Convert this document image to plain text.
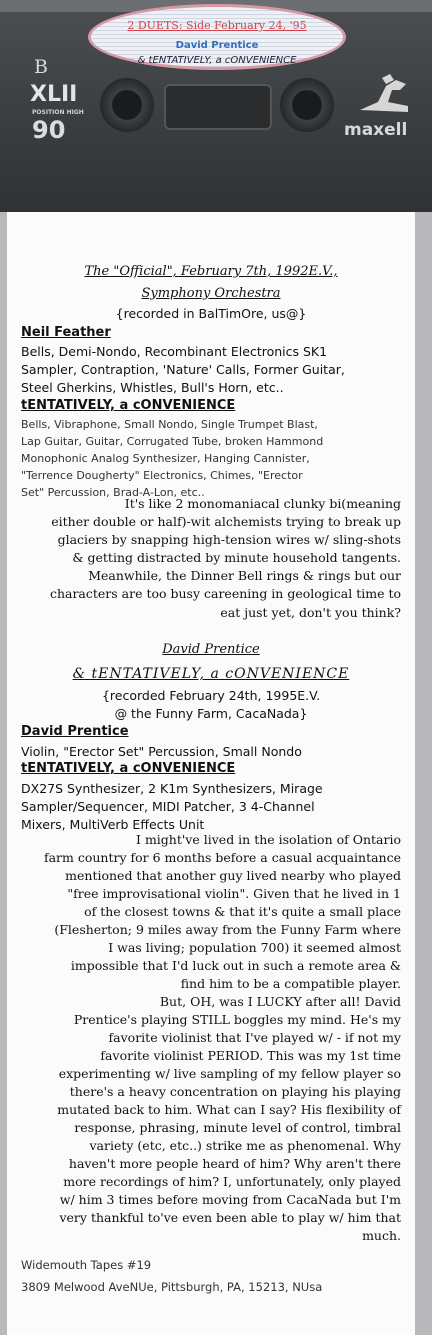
2 DUETS: Side February 24, '95
David Prentice
& tENTATIVELY, a cONVENIENCE
B
XLII
POSITION HIGH
90	maxell
The "Official", February 7th, 1992E.V.,
Symphony Orchestra
{recorded in BalTimOre, us@}
Neil Feather
Bells, Demi-Nondo, Recombinant Electronics SK1
Sampler, Contraption, 'Nature' Calls, Former Guitar,
Steel Gherkins, Whistles, Bull's Horn, etc..
tENTATIVELY, a cONVENIENCE
Bells, Vibraphone, Small Nondo, Single Trumpet Blast,
Lap Guitar, Guitar, Corrugated Tube, broken Hammond
Monophonic Analog Synthesizer, Hanging Cannister,
"Terrence Dougherty" Electronics, Chimes, "Erector
Set" Percussion, Brad-A-Lon, etc..
It's like 2 monomaniacal clunky bi(meaning
either double or half)-wit alchemists trying to break up
glaciers by snapping high-tension wires w/ sling-shots
& getting distracted by minute household tangents.
Meanwhile, the Dinner Bell rings & rings but our
characters are too busy careening in geological time to
eat just yet, don't you think?
David Prentice
& tENTATIVELY, a cONVENIENCE
{recorded February 24th, 1995E.V.
@ the Funny Farm, CacaNada}
David Prentice
Violin, "Erector Set" Percussion, Small Nondo
tENTATIVELY, a cONVENIENCE
DX27S Synthesizer, 2 K1m Synthesizers, Mirage
Sampler/Sequencer, MIDI Patcher, 3 4-Channel
Mixers, MultiVerb Effects Unit
I might've lived in the isolation of Ontario
farm country for 6 months before a casual acquaintance
mentioned that another guy lived nearby who played
"free improvisational violin". Given that he lived in 1
of the closest towns & that it's quite a small place
(Flesherton; 9 miles away from the Funny Farm where
I was living; population 700) it seemed almost
impossible that I'd luck out in such a remote area &
find him to be a compatible player.
But, OH, was I LUCKY after all! David
Prentice's playing STILL boggles my mind. He's my
favorite violinist that I've played w/ - if not my
favorite violinist PERIOD. This was my 1st time
experimenting w/ live sampling of my fellow player so
there's a heavy concentration on playing his playing
mutated back to him. What can I say? His flexibility of
response, phrasing, minute level of control, timbral
variety (etc, etc..) strike me as phenomenal. Why
haven't more people heard of him? Why aren't there
more recordings of him? I, unfortunately, only played
w/ him 3 times before moving from CacaNada but I'm
very thankful to've even been able to play w/ him that
much.
Widemouth Tapes #19
3809 Melwood AveNUe, Pittsburgh, PA, 15213, NUsa
